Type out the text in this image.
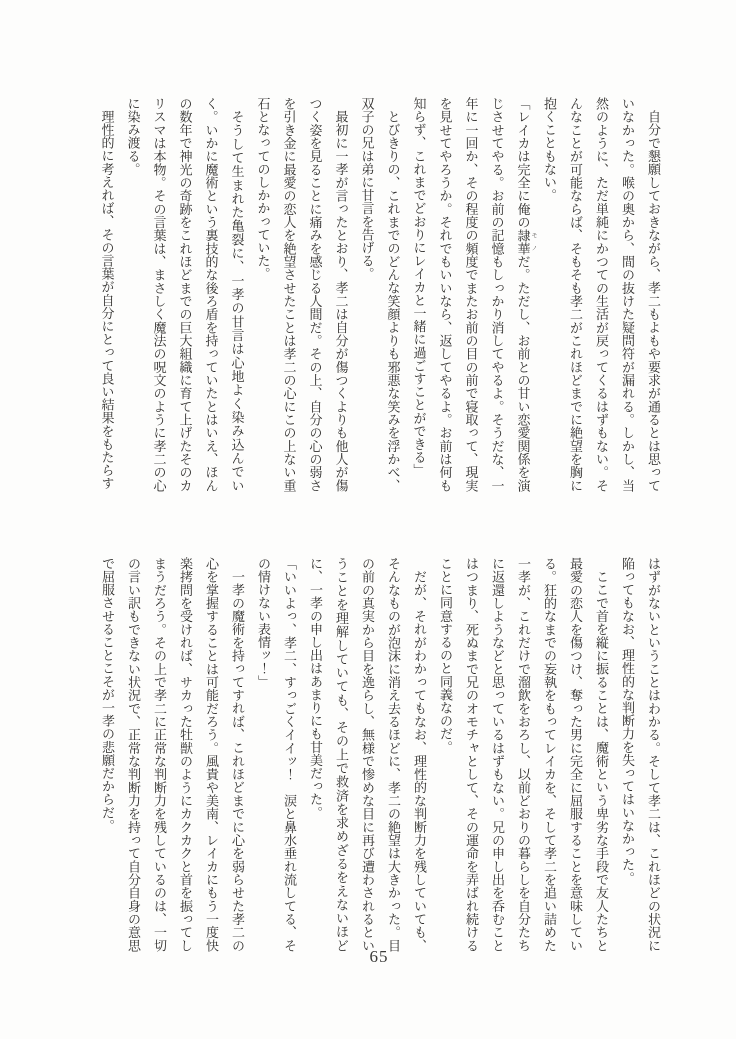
自分で懇願しておきながら、孝二もよもや要求が通るとは思っていなかった。喉の奥から、間の抜けた疑問符が漏れる。しかし、当然のように、ただ単純にかつての生活が戻ってくるはずもない。そんなことが可能ならば、そもそも孝二がこれほどまでに絶望を胸に抱くこともない。

「レイカは完全に俺の隷華 モノだ。ただし、お前との甘い恋愛関係を演じさせてやる。お前の記憶もしっかり消してやるよ。そうだな、一年に一回か、その程度の頻度でまたお前の目の前で寝取って、現実を見せてやろうか。それでもいいなら、返してやるよ。お前は何も知らず、これまでどおりにレイカと一緒に過ごすことができる」

とびきりの、これまでのどんな笑顔よりも邪悪な笑みを浮かべ、双子の兄は弟に甘言を告げる。

最初に一孝が言ったとおり、孝二は自分が傷つくよりも他人が傷つく姿を見ることに痛みを感じる人間だ。その上、自分の心の弱さを引き金に最愛の恋人を絶望させたことは孝二の心にこの上ない重石となってのしかかっていた。

そうして生まれた亀裂に、一孝の甘言は心地よく染み込んでいく。いかに魔術という裏技的な後ろ盾を持っていたとはいえ、ほんの数年で神光の奇跡をこれほどまでの巨大組織に育て上げたそのカリスマは本物。その言葉は、まさしく魔法の呪文のように孝二の心に染み渡る。

理性的に考えれば、その言葉が自分にとって良い結果をもたらす

はずがないということはわかる。そして孝二は、これほどの状況に陥ってもなお、理性的な判断力を失ってはいなかった。

ここで首を縦に振ることは、魔術という卑劣な手段で友人たちと最愛の恋人を傷つけ、奪った男に完全に屈服することを意味している。狂的なまでの妄執をもってレイカを、そして孝二を追い詰めた一孝が、これだけで溜飲をおろし、以前どおりの暮らしを自分たちに返還しようなどと思っているはずもない。兄の申し出を呑むことはつまり、死ぬまで兄のオモチャとして、その運命を弄ばれ続けることに同意するのと同義なのだ。

だが、それがわかってもなお、理性的な判断力を残していても、そんなものが泡沫に消え去るほどに、孝二の絶望は大きかった。目の前の真実から目を逸らし、無様で惨めな目に再び遭わされるということを理解していても、その上で救済を求めざるをえないほどに、一孝の申し出はあまりにも甘美だった。

「いいよっ、孝二、すっごくイイッ！　涙と鼻水垂れ流してる、その情けない表情ッ！」

一孝の魔術を持ってすれば、これほどまでに心を弱らせた孝二の心を掌握することは可能だろう。風貴や美南、レイカにもう一度快楽拷問を受ければ、サカった牡獣のようにカクカクと首を振ってしまうだろう。その上で孝二に正常な判断力を残しているのは、一切の言い訳もできない状況で、正常な判断力を持って自分自身の意思で屈服させることこそが一孝の悲願だからだ。

65
